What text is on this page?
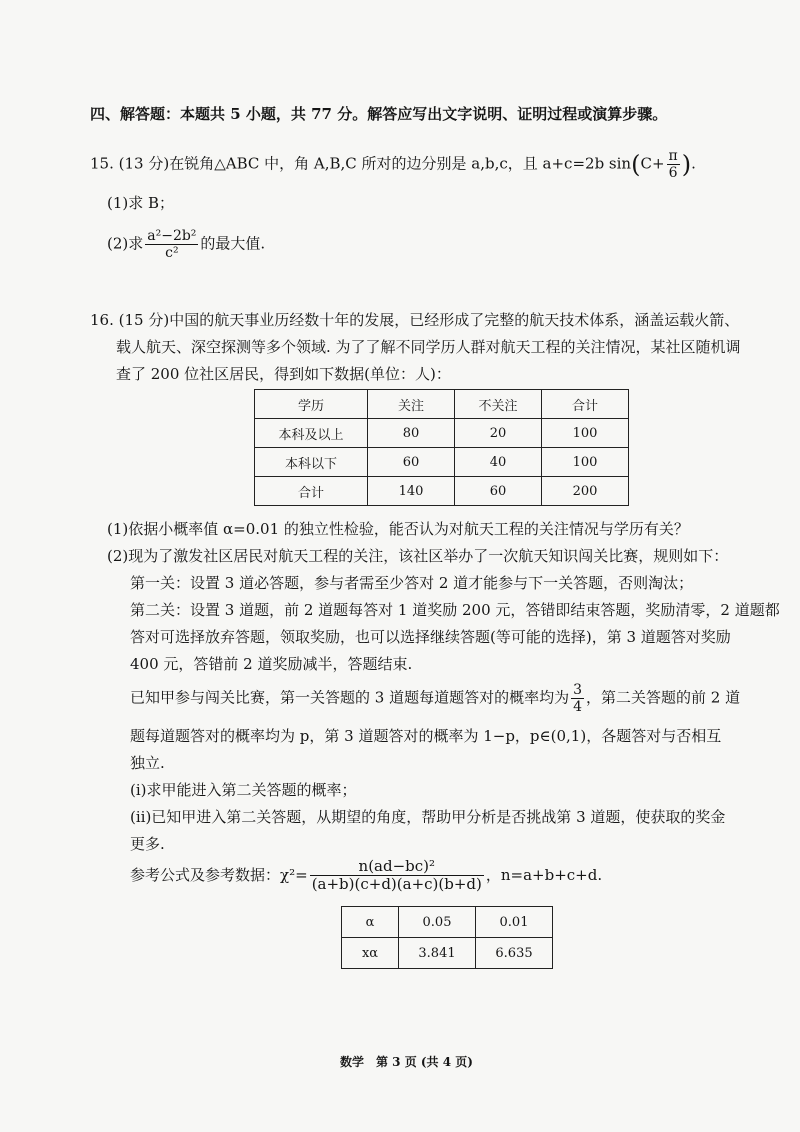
四、解答题：本题共 5 小题，共 77 分。解答应写出文字说明、证明过程或演算步骤。
15. (13 分)在锐角△ABC 中，角 A,B,C 所对的边分别是 a,b,c，且 a+c=2b $\sin(C+ \frac{\pi}{6}$ ).
(1)求 B；
(2)求 $\frac{\text{a²−2b²}}{\text{c²}}$ 的最大值.
16. (15 分)中国的航天事业历经数十年的发展，已经形成了完整的航天技术体系，涵盖运载火箭、
载人航天、深空探测等多个领域. 为了了解不同学历人群对航天工程的关注情况，某社区随机调
查了 200 位社区居民，得到如下数据(单位：人)：
学历	关注	不关注	合计
本科及以上	80	20	100
本科以下	60	40	100
合计	140	60	200
(1)依据小概率值 α=0.01 的独立性检验，能否认为对航天工程的关注情况与学历有关？
(2)现为了激发社区居民对航天工程的关注，该社区举办了一次航天知识闯关比赛，规则如下：
第一关：设置 3 道必答题，参与者需至少答对 2 道才能参与下一关答题，否则淘汰；
第二关：设置 3 道题，前 2 道题每答对 1 道奖励 200 元，答错即结束答题，奖励清零，2 道题都
答对可选择放弃答题，领取奖励，也可以选择继续答题(等可能的选择)，第 3 道题答对奖励
400 元，答错前 2 道奖励减半，答题结束.
已知甲参与闯关比赛，第一关答题的 3 道题每道题答对的概率均为 $\frac{3}{4}$ ，第二关答题的前 2 道
题每道题答对的概率均为 p，第 3 道题答对的概率为 1−p，p∈(0,1)，各题答对与否相互
独立.
(ⅰ)求甲能进入第二关答题的概率；
(ⅱ)已知甲进入第二关答题，从期望的角度，帮助甲分析是否挑战第 3 道题，使获取的奖金
更多.
参考公式及参考数据：$\chi^2= \frac{\text{n(ad−bc)²}}{(a+b)(c+d)(a+c)(b+d)}$ ，n=a+b+c+d.
α	0.05	0.01
xα	3.841	6.635
数学　第 3 页 (共 4 页)
